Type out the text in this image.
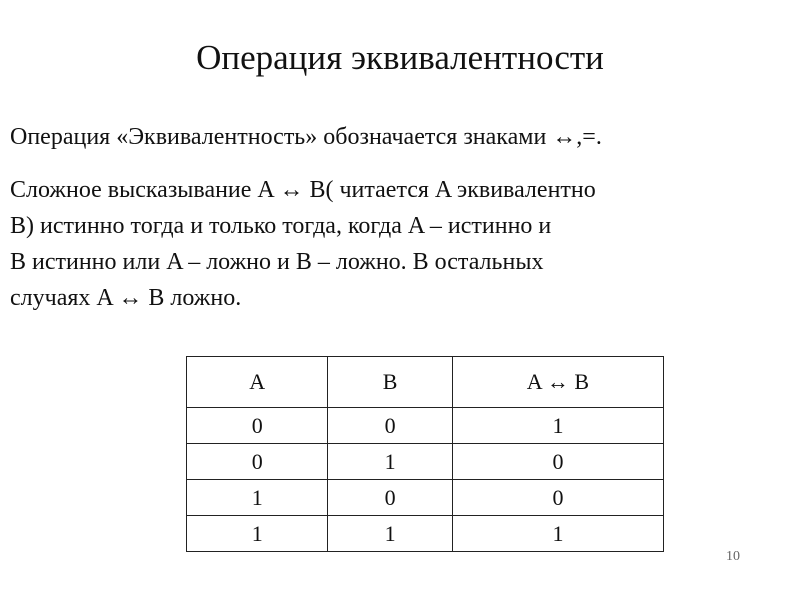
Операция эквивалентности

Операция «Эквивалентность» обозначается знаками ↔,=.

Сложное высказывание A ↔ B( читается A эквивалентно
B) истинно тогда и только тогда, когда A – истинно и
B истинно или A – ложно и B – ложно. В остальных
случаях A ↔ B ложно.

A	B	A ↔ B
0	0	1
0	1	0
1	0	0
1	1	1
10
